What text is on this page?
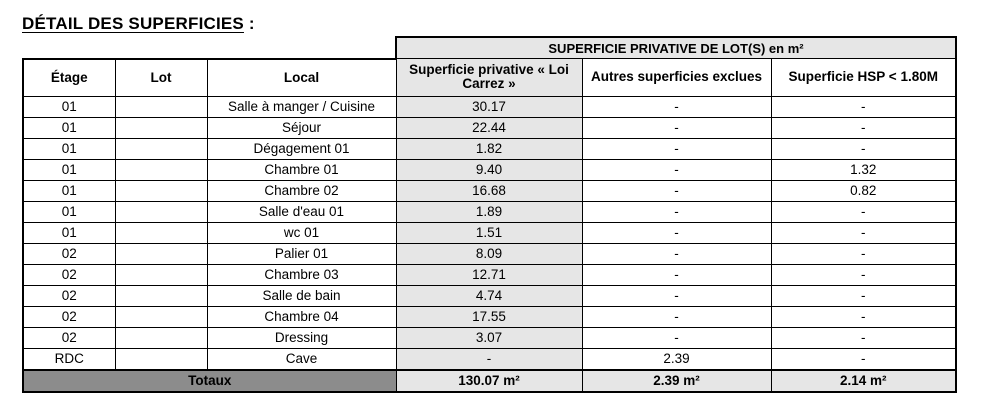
DÉTAIL DES SUPERFICIES :
			SUPERFICIE PRIVATIVE DE LOT(S) en m²		
Étage	Lot	Local	Superficie privative « Loi Carrez »	Autres superficies exclues	Superficie HSP < 1.80M
01		Salle à manger / Cuisine	30.17	-	-
01		Séjour	22.44	-	-
01		Dégagement 01	1.82	-	-
01		Chambre 01	9.40	-	1.32
01		Chambre 02	16.68	-	0.82
01		Salle d'eau 01	1.89	-	-
01		wc 01	1.51	-	-
02		Palier 01	8.09	-	-
02		Chambre 03	12.71	-	-
02		Salle de bain	4.74	-	-
02		Chambre 04	17.55	-	-
02		Dressing	3.07	-	-
RDC		Cave	-	2.39	-
Totaux			130.07 m²	2.39 m²	2.14 m²
